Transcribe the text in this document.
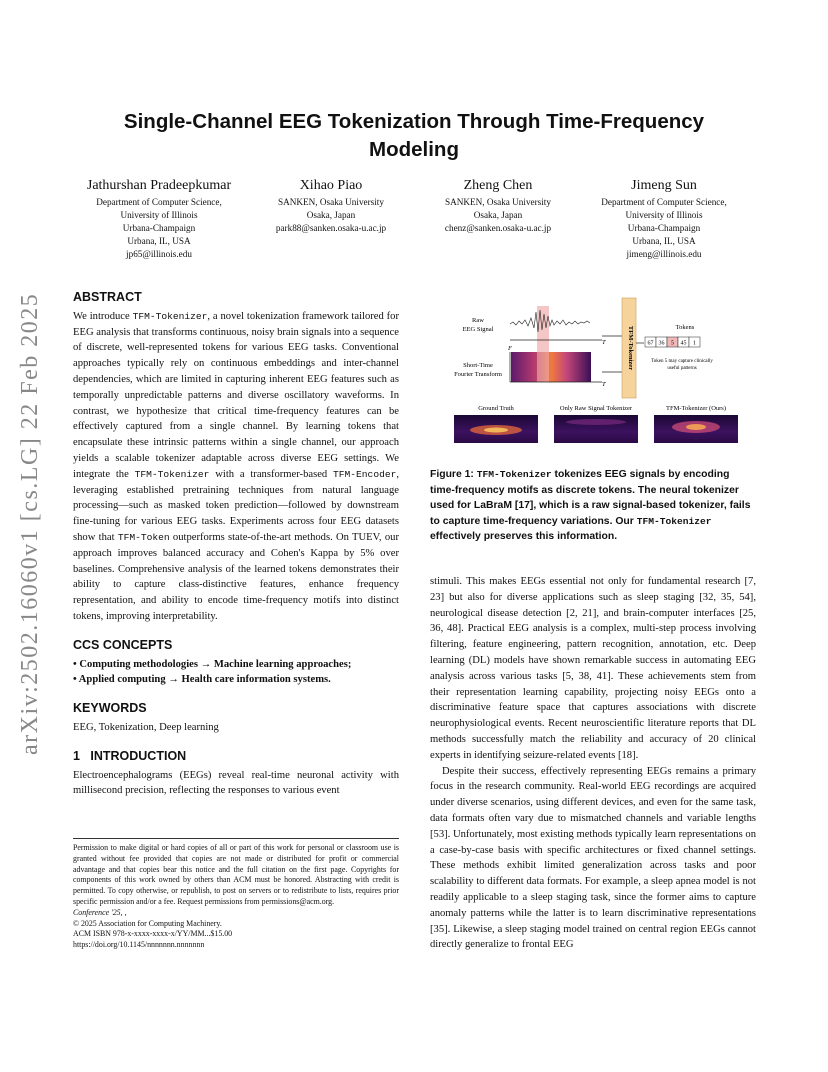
arXiv:2502.16060v1 [cs.LG] 22 Feb 2025
Single-Channel EEG Tokenization Through Time-Frequency Modeling
Jathurshan Pradeepkumar
Department of Computer Science,
University of Illinois
Urbana-Champaign
Urbana, IL, USA
jp65@illinois.edu
Xihao Piao
SANKEN, Osaka University
Osaka, Japan
park88@sanken.osaka-u.ac.jp
Zheng Chen
SANKEN, Osaka University
Osaka, Japan
chenz@sanken.osaka-u.ac.jp
Jimeng Sun
Department of Computer Science,
University of Illinois
Urbana-Champaign
Urbana, IL, USA
jimeng@illinois.edu
ABSTRACT
We introduce TFM-Tokenizer, a novel tokenization framework tailored for EEG analysis that transforms continuous, noisy brain signals into a sequence of discrete, well-represented tokens for various EEG tasks. Conventional approaches typically rely on continuous embeddings and inter-channel dependencies, which are limited in capturing inherent EEG features such as temporally unpredictable patterns and diverse oscillatory waveforms. In contrast, we hypothesize that critical time-frequency features can be effectively captured from a single channel. By learning tokens that encapsulate these intrinsic patterns within a single channel, our approach yields a scalable tokenizer adaptable across diverse EEG settings. We integrate the TFM-Tokenizer with a transformer-based TFM-Encoder, leveraging established pretraining techniques from natural language processing—such as masked token prediction—followed by downstream fine-tuning for various EEG tasks. Experiments across four EEG datasets show that TFM-Token outperforms state-of-the-art methods. On TUEV, our approach improves balanced accuracy and Cohen's Kappa by 5% over baselines. Comprehensive analysis of the learned tokens demonstrates their ability to capture class-distinctive features, enhance frequency representation, and ability to encode time-frequency motifs into distinct tokens, improving interpretability.
CCS CONCEPTS
• Computing methodologies → Machine learning approaches;
• Applied computing → Health care information systems.
KEYWORDS
EEG, Tokenization, Deep learning
1   INTRODUCTION
Electroencephalograms (EEGs) reveal real-time neuronal activity with millisecond precision, reflecting the responses to various event
Permission to make digital or hard copies of all or part of this work for personal or classroom use is granted without fee provided that copies are not made or distributed for profit or commercial advantage and that copies bear this notice and the full citation on the first page. Copyrights for components of this work owned by others than ACM must be honored. Abstracting with credit is permitted. To copy otherwise, or republish, to post on servers or to redistribute to lists, requires prior specific permission and/or a fee. Request permissions from permissions@acm.org.
Conference '25, ,
© 2025 Association for Computing Machinery.
ACM ISBN 978-x-xxxx-xxxx-x/YY/MM...$15.00
https://doi.org/10.1145/nnnnnnn.nnnnnnn
Raw
EEG Signal
T
F
T
Short-Time
Fourier Transform
TFM-Tokenizer	Tokens
67 36 5 45 1
Token 5 may capture clinically
useful patterns
Ground Truth	Only Raw Signal Tokenizer	TFM-Tokenizer (Ours)
Figure 1: TFM-Tokenizer tokenizes EEG signals by encoding time-frequency motifs as discrete tokens. The neural tokenizer used for LaBraM [17], which is a raw signal-based tokenizer, fails to capture time-frequency variations. Our TFM-Tokenizer effectively preserves this information.
stimuli. This makes EEGs essential not only for fundamental research [7, 23] but also for diverse applications such as sleep staging [32, 35, 54], neurological disease detection [2, 21], and brain-computer interfaces [25, 36, 48]. Practical EEG analysis is a complex, multi-step process involving filtering, feature engineering, pattern recognition, annotation, etc. Deep learning (DL) models have shown remarkable success in automating EEG analysis across various tasks [5, 38, 41]. These achievements stem from their representation learning capability, projecting noisy EEGs onto a discriminative feature space that captures associations with discrete neurophysiological events. Recent neuroscientific literature reports that DL methods successfully match the reliability and accuracy of 20 clinical experts in identifying seizure-related events [18].
Despite their success, effectively representing EEGs remains a primary focus in the research community. Real-world EEG recordings are acquired under diverse scenarios, using different devices, and even for the same task, data formats often vary due to mismatched channels and variable lengths [53]. Unfortunately, most existing methods typically learn representations on a case-by-case basis with specific architectures or fixed channel settings. These methods exhibit limited generalization across tasks and poor scalability to different data formats. For example, a sleep apnea model is not readily applicable to a sleep staging task, since the former aims to capture anomaly patterns while the latter is to learn discriminative representations [35]. Likewise, a sleep staging model trained on central region EEGs cannot directly generalize to frontal EEG
